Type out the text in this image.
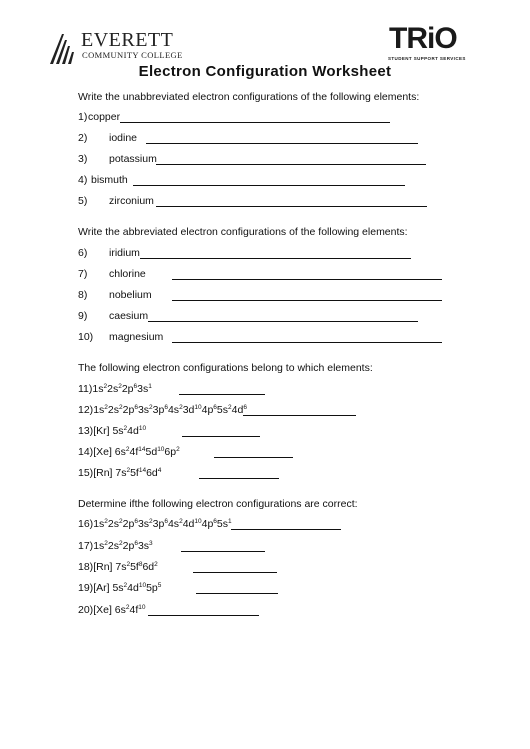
EVERETT
COMMUNITY COLLEGE	TRiO
STUDENT SUPPORT SERVICES
Electron Configuration Worksheet
Write the unabbreviated electron configurations of the following elements:
1) copper
2) iodine
3) potassium
4) bismuth
5) zirconium
Write the abbreviated electron configurations of the following elements:
6) iridium
7) chlorine
8) nobelium
9) caesium
10) magnesium
The following electron configurations belong to which elements:
$11)1s^22s^22p^63s^1$
$12)1s^22s^22p^63s^23p^64s^23d^{10}4p^65s^24d^6$
13)[Kr] $5s^24d^{10}$
14)[Xe] $6s^24f^{14}5d^{10}6p^2$
15)[Rn] $7s^25f^{14}6d^4$
Determine ifthe following electron configurations are correct:
$16)1s^22s^22p^63s^23p^64s^24d^{10}4p^65s^1$
$17)1s^22s^22p^63s^3$
18)[Rn] $7s^25f^86d^2$
19)[Ar] $5s^24d^{10}5p^5$
20)[Xe] $6s^24f^{10}$
